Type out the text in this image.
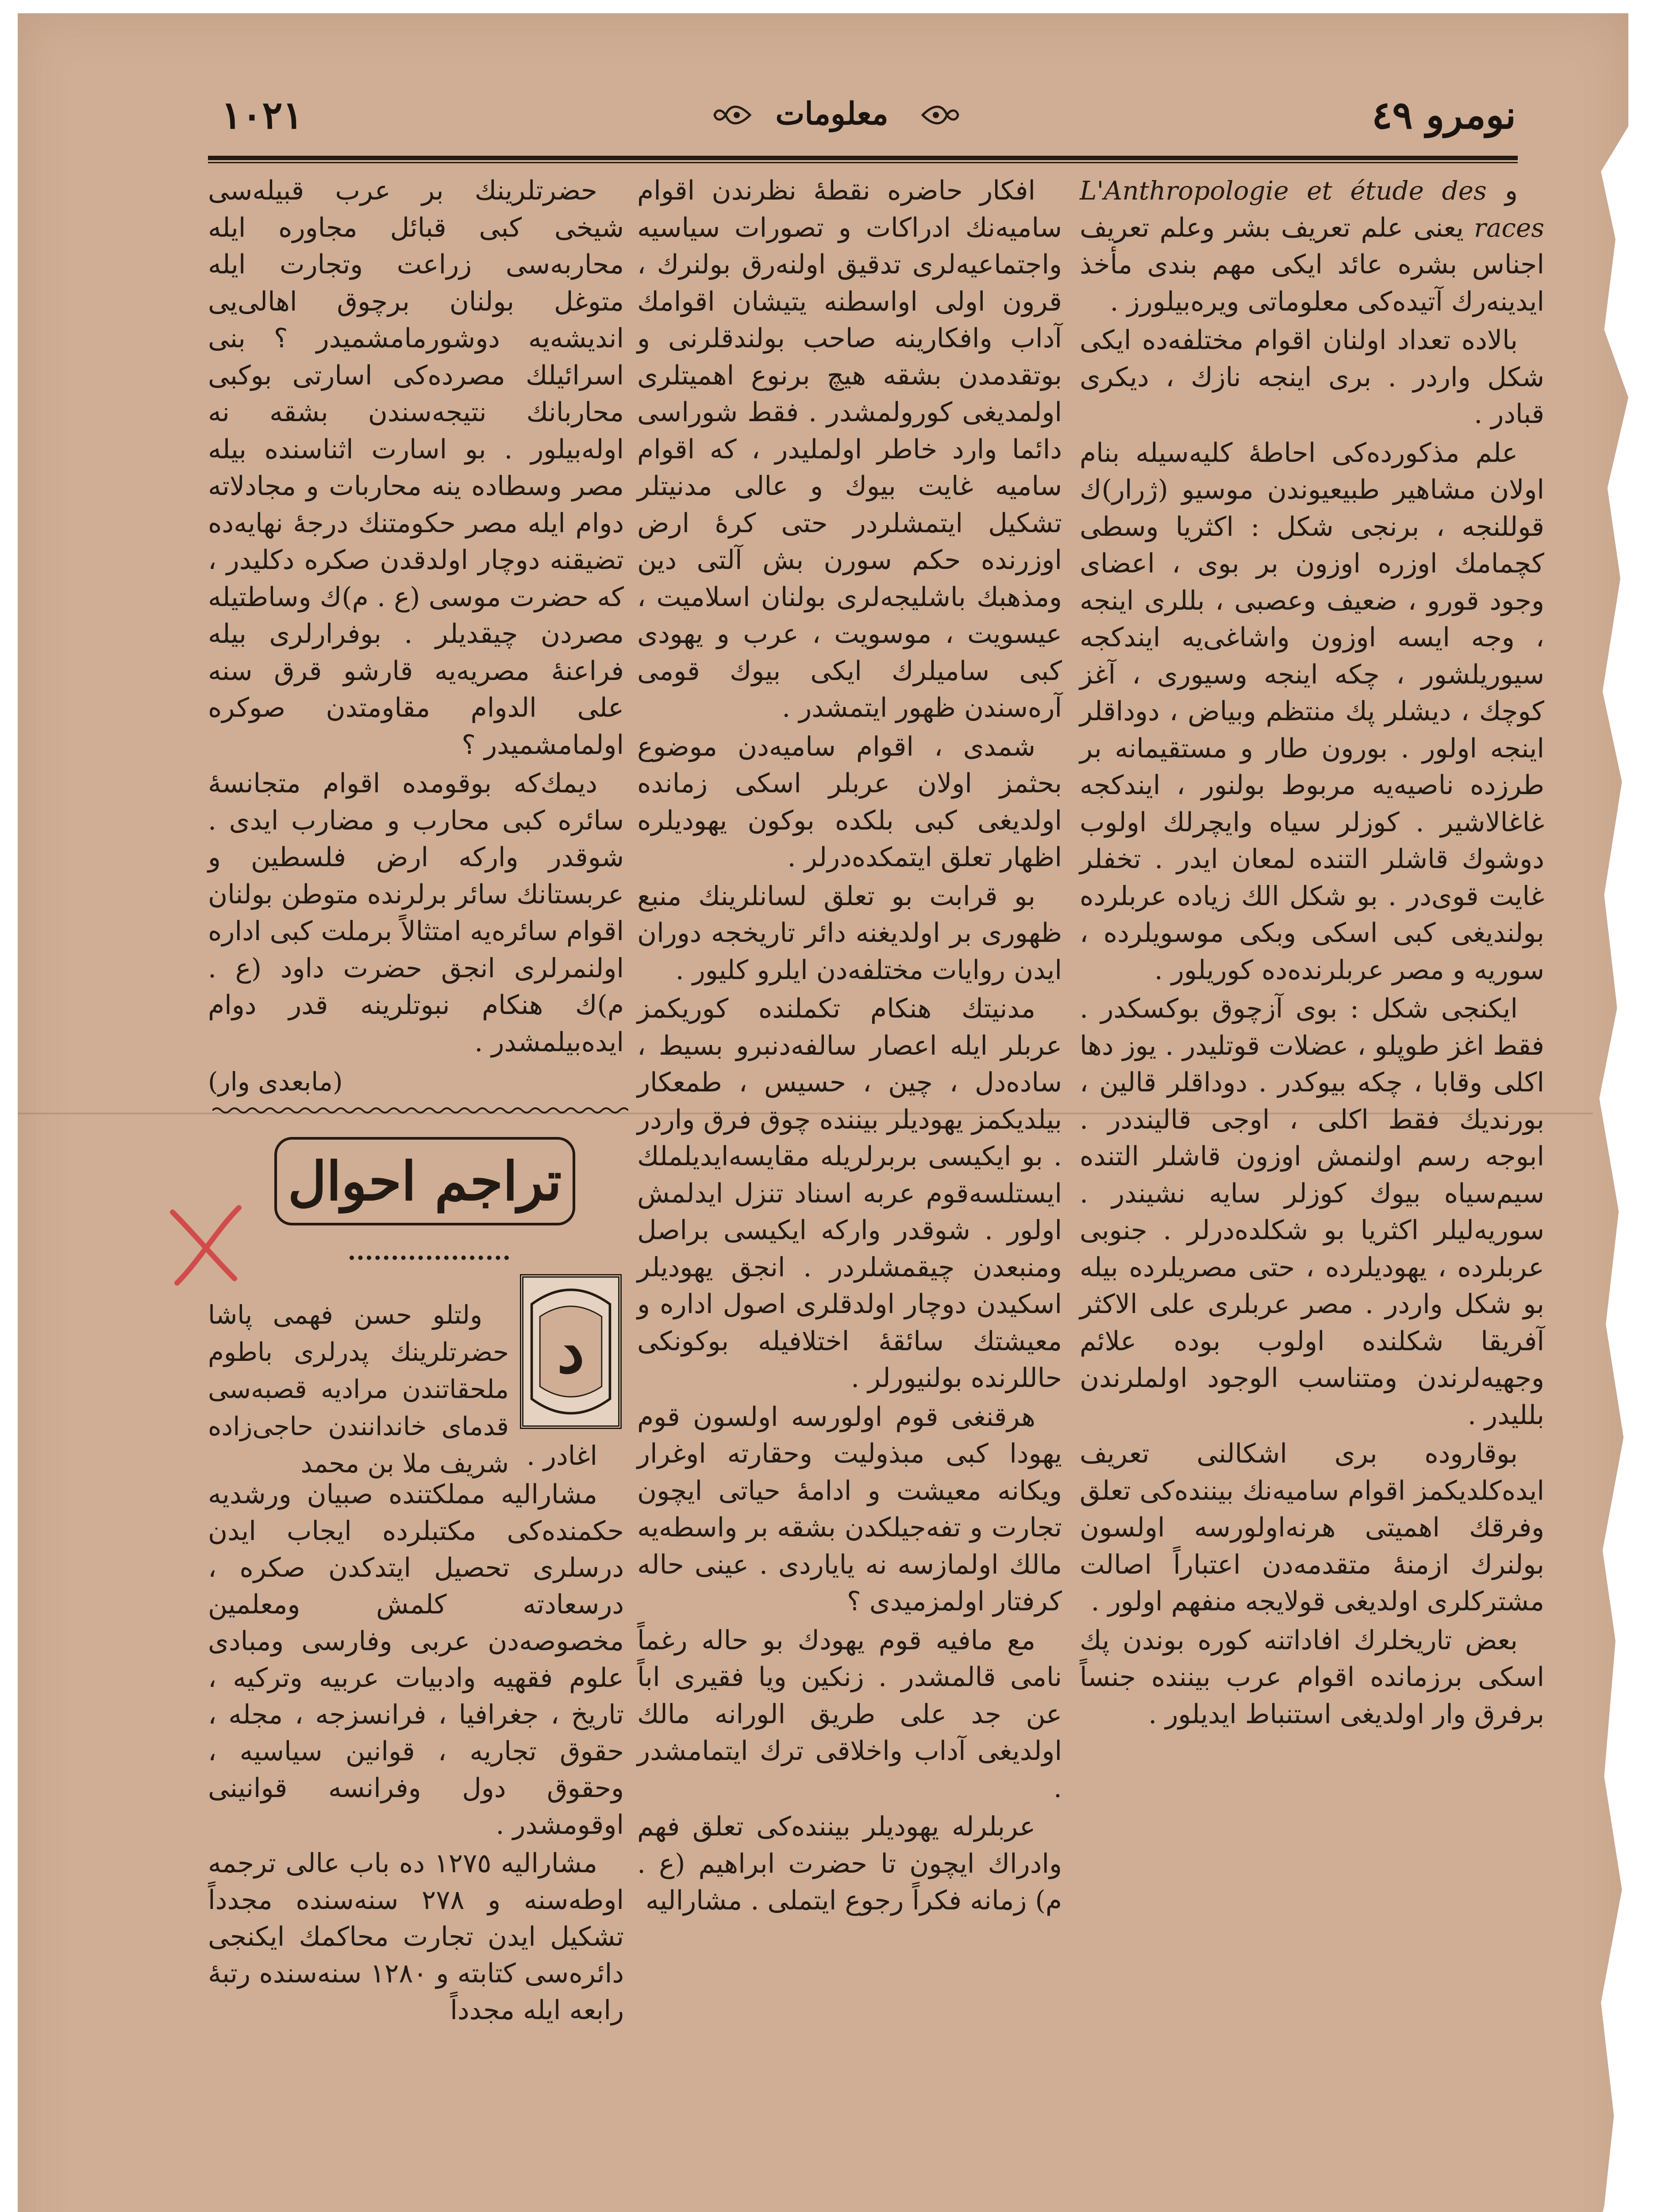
١٠٢١	معلومات	نومرو ٤٩

و L'Anthropologie et étude des races يعنی علم تعريف بشر وعلم تعريف اجناس بشره عائد ايكی مهم بندی مأخذ ايدينه‌رك آتيده‌كی معلوماتی ويره‌بيلورز .

بالاده تعداد اولنان اقوام مختلفه‌ده ايكی شكل واردر . بری اينجه نازك ، ديكری قبادر .

علم مذكورده‌كی احاطهٔ كليه‌سيله بنام اولان مشاهير طبيعيوندن موسيو (ژرار)ك قوللنجه ، برنجی شكل : اكثريا وسطی كچمامك اوزره اوزون بر بوی ، اعضای وجود قورو ، ضعيف وعصبی ، بللری اينجه ، وجه ايسه اوزون واشاغی‌يه ايندكجه‌ سيوريلشور ، چكه اينجه وسيوری ، آغز كوچك ، ديشلر پك منتظم وبياض ، دوداقلر اينجه اولور . بورون طار و مستقيمانه بر طرزده ناصيه‌يه مربوط بولنور ، ايندكجه غاغالاشير . كوزلر سياه وايچرلك اولوب دوشوك قاشلر التنده لمعان ايدر . تخفلر غايت قوی‌در . بو شكل الك زياده عربلرده بولنديغی كبی اسكی وبكی موسويلرده ، سوريه و مصر عربلرنده‌ده كوريلور .

ايكنجی شكل : بوی آزچوق بوكسكدر . فقط اغز طوپلو ، عضلات قوتليدر . يوز دها اكلی وقابا ، چكه بيوكدر . دوداقلر قالين ، بورنديك فقط اكلی ، اوجی قالينددر . ابوجه رسم اولنمش اوزون قاشلر التنده سيم‌سياه بيوك كوزلر سايه نشيندر . سوريه‌لیلر اكثريا بو شكلده‌درلر . جنوبی عربلرده ، يهوديلرده ، حتی مصريلرده بيله بو شكل واردر . مصر عربلری علی الاكثر آفريقا شكلنده اولوب بوده علائم وجهيه‌لرندن ومتناسب الوجود اولملرندن بللیدر .

بوقاروده‌ بری اشكالنی تعريف ايده‌كلديكمز اقوام ساميه‌نك بيننده‌كی تعلق وفرقك اهميتی هرنه‌اولورسه اولسون بولنرك ازمنهٔ متقدمه‌دن اعتباراً اصالت مشتركلری اولديغی قولايجه منفهم اولور .

بعض تاريخلرك افاداتنه كوره بوندن پك اسكی برزمانده اقوام عرب بيننده جنساً برفرق وار اولديغی استنباط ايديلور .

افكار حاضره نقطهٔ نظرندن اقوام ساميه‌نك ادراكات و تصورات سياسيه واجتماعيه‌لری تدقيق اولنه‌رق بولنرك ، قرون اولی اواسطنه يتيشان اقوامك آداب وافكارينه صاحب بولندقلرنی و بوتقدمدن بشقه هيچ برنوع اهميتلری اولمديغی كورولمشدر . فقط شوراسی دائما وارد خاطر اولمليدر ، كه اقوام ساميه غايت بيوك و عالی مدنيتلر تشكيل ايتمشلردر حتی كرهٔ ارض اوزرنده حكم سورن بش آلتی دين ومذهبك باشليجه‌لری بولنان اسلاميت ، عيسويت ، موسويت ، عرب و يهودی كبی ساميلرك ايكی بيوك قومی آره‌سندن ظهور ايتمشدر .

شمدی ، اقوام ساميه‌دن موضوع بحثمز اولان عربلر اسكی زمانده اولديغی كبی بلكده بوكون يهوديلره اظهار تعلق ايتمكده‌درلر .

بو قرابت بو تعلق لسانلرينك منبع ظهوری بر اولديغنه دائر تاريخجه دوران ايدن روايات مختلفه‌دن ايلرو كليور .

مدنيتك هنكام تكملنده كوريكمز عربلر ايله اعصار سالفه‌دنبرو بسيط ، ساده‌دل ، چين ، حسيس ، طمعكار بيلديكمز يهوديلر بيننده چوق فرق واردر . بو ايكيسی بربرلريله مقايسه‌ايديلملك ايستلسه‌قوم عربه اسناد تنزل ايدلمش اولور . شوقدر واركه ايكيسی براصل ومنبعدن چيقمشلردر . انجق يهوديلر اسكيدن دوچار اولدقلری اصول اداره و معيشتك سائقهٔ اختلافيله بوكونكی حاللرنده بولنيورلر .

هرقنغی قوم اولورسه اولسون قوم يهودا كبی مبذوليت وحقارته اوغرار ويكانه معيشت و ادامهٔ حياتی ايچون تجارت و تفه‌جيلكدن بشقه بر واسطه‌يه مالك اولمازسه نه يايارد‌ی . عينی حاله كرفتار اولمزميدی ؟

مع مافيه قوم يهودك بو حاله رغماً نامی قالمشدر . زنكين ويا فقيری اباً عن جد علی طريق الورانه مالك اولديغی آداب واخلاقی ترك ايتمامشدر .

عربلرله يهوديلر بيننده‌كی تعلق فهم وادراك ايچون تا حضرت ابراهيم (ع . م) زمانه فكراً رجوع ايتملی . مشاراليه

حضرتلرينك بر عرب قبيله‌سی شيخی كبی قبائل مجاوره ايله محاربه‌سی زراعت وتجارت ايله متوغل بولنان برچوق اهالی‌يی انديشه‌يه دوشورمامشميدر ؟ بنی اسرائيلك مصرده‌كی اسارتی بوكبی محاربانك نتيجه‌سندن بشقه نه اوله‌بيلور . بو اسارت اثناسنده بيله مصر وسطاده ينه محاربات و مجادلاته دوام ايله مصر حكومتنك درجهٔ نهايه‌ده تضيقنه دوچار اولدقدن صكره دكليدر ، كه حضرت موسی (ع . م)ك وساطتيله مصردن چيقديلر . بوفرارلری بيله فراعنهٔ مصريه‌يه قارشو قرق سنه علی الدوام مقاومتدن صوكره اولمامشميدر ؟

ديمك‌كه بوقومده اقوام متجانسهٔ سائره كبی محارب و مضارب ايدی . شوقدر واركه ارض فلسطين و عربستانك سائر برلرنده متوطن بولنان اقوام سائره‌يه امتثالاً برملت كبی اداره اولنمرلری انجق حضرت داود (ع . م)ك هنكام نبوتلرينه قدر دوام ايده‌بيلمشدر .

(مابعدی وار)
تراجم احوال
د

ولتلو حسن فهمی پاشا حضرتلرينك پدرلری باطوم ملحقاتندن مرادیه قصبه‌سی قدمای خاندانندن حاجی‌زاده شريف ملا بن محمد اغادر .

مشاراليه مملكتنده صبيان ورشديه حكمنده‌كی مكتبلرده ايجاب ايدن درسلری تحصيل ايتدكدن صكره ، درسعادته كلمش ومعلمين مخصوصه‌دن عربی وفارسی ومبادی علوم فقهيه وادبيات عربيه وتركيه ، تاريخ ، جغرافيا ، فرانسزجه ، مجله ، حقوق تجاريه ، قوانين سياسيه ، وحقوق دول وفرانسه قوانينی اوقومشدر .

مشاراليه ١٢٧٥ ده باب عالی ترجمه اوطه‌سنه و ٢٧٨ سنه‌سنده مجدداً تشكيل ايدن تجارت محاكمك ايكنجی دائره‌سی كتابته و ١٢٨٠ سنه‌سنده رتبهٔ رابعه ايله مجدداً
